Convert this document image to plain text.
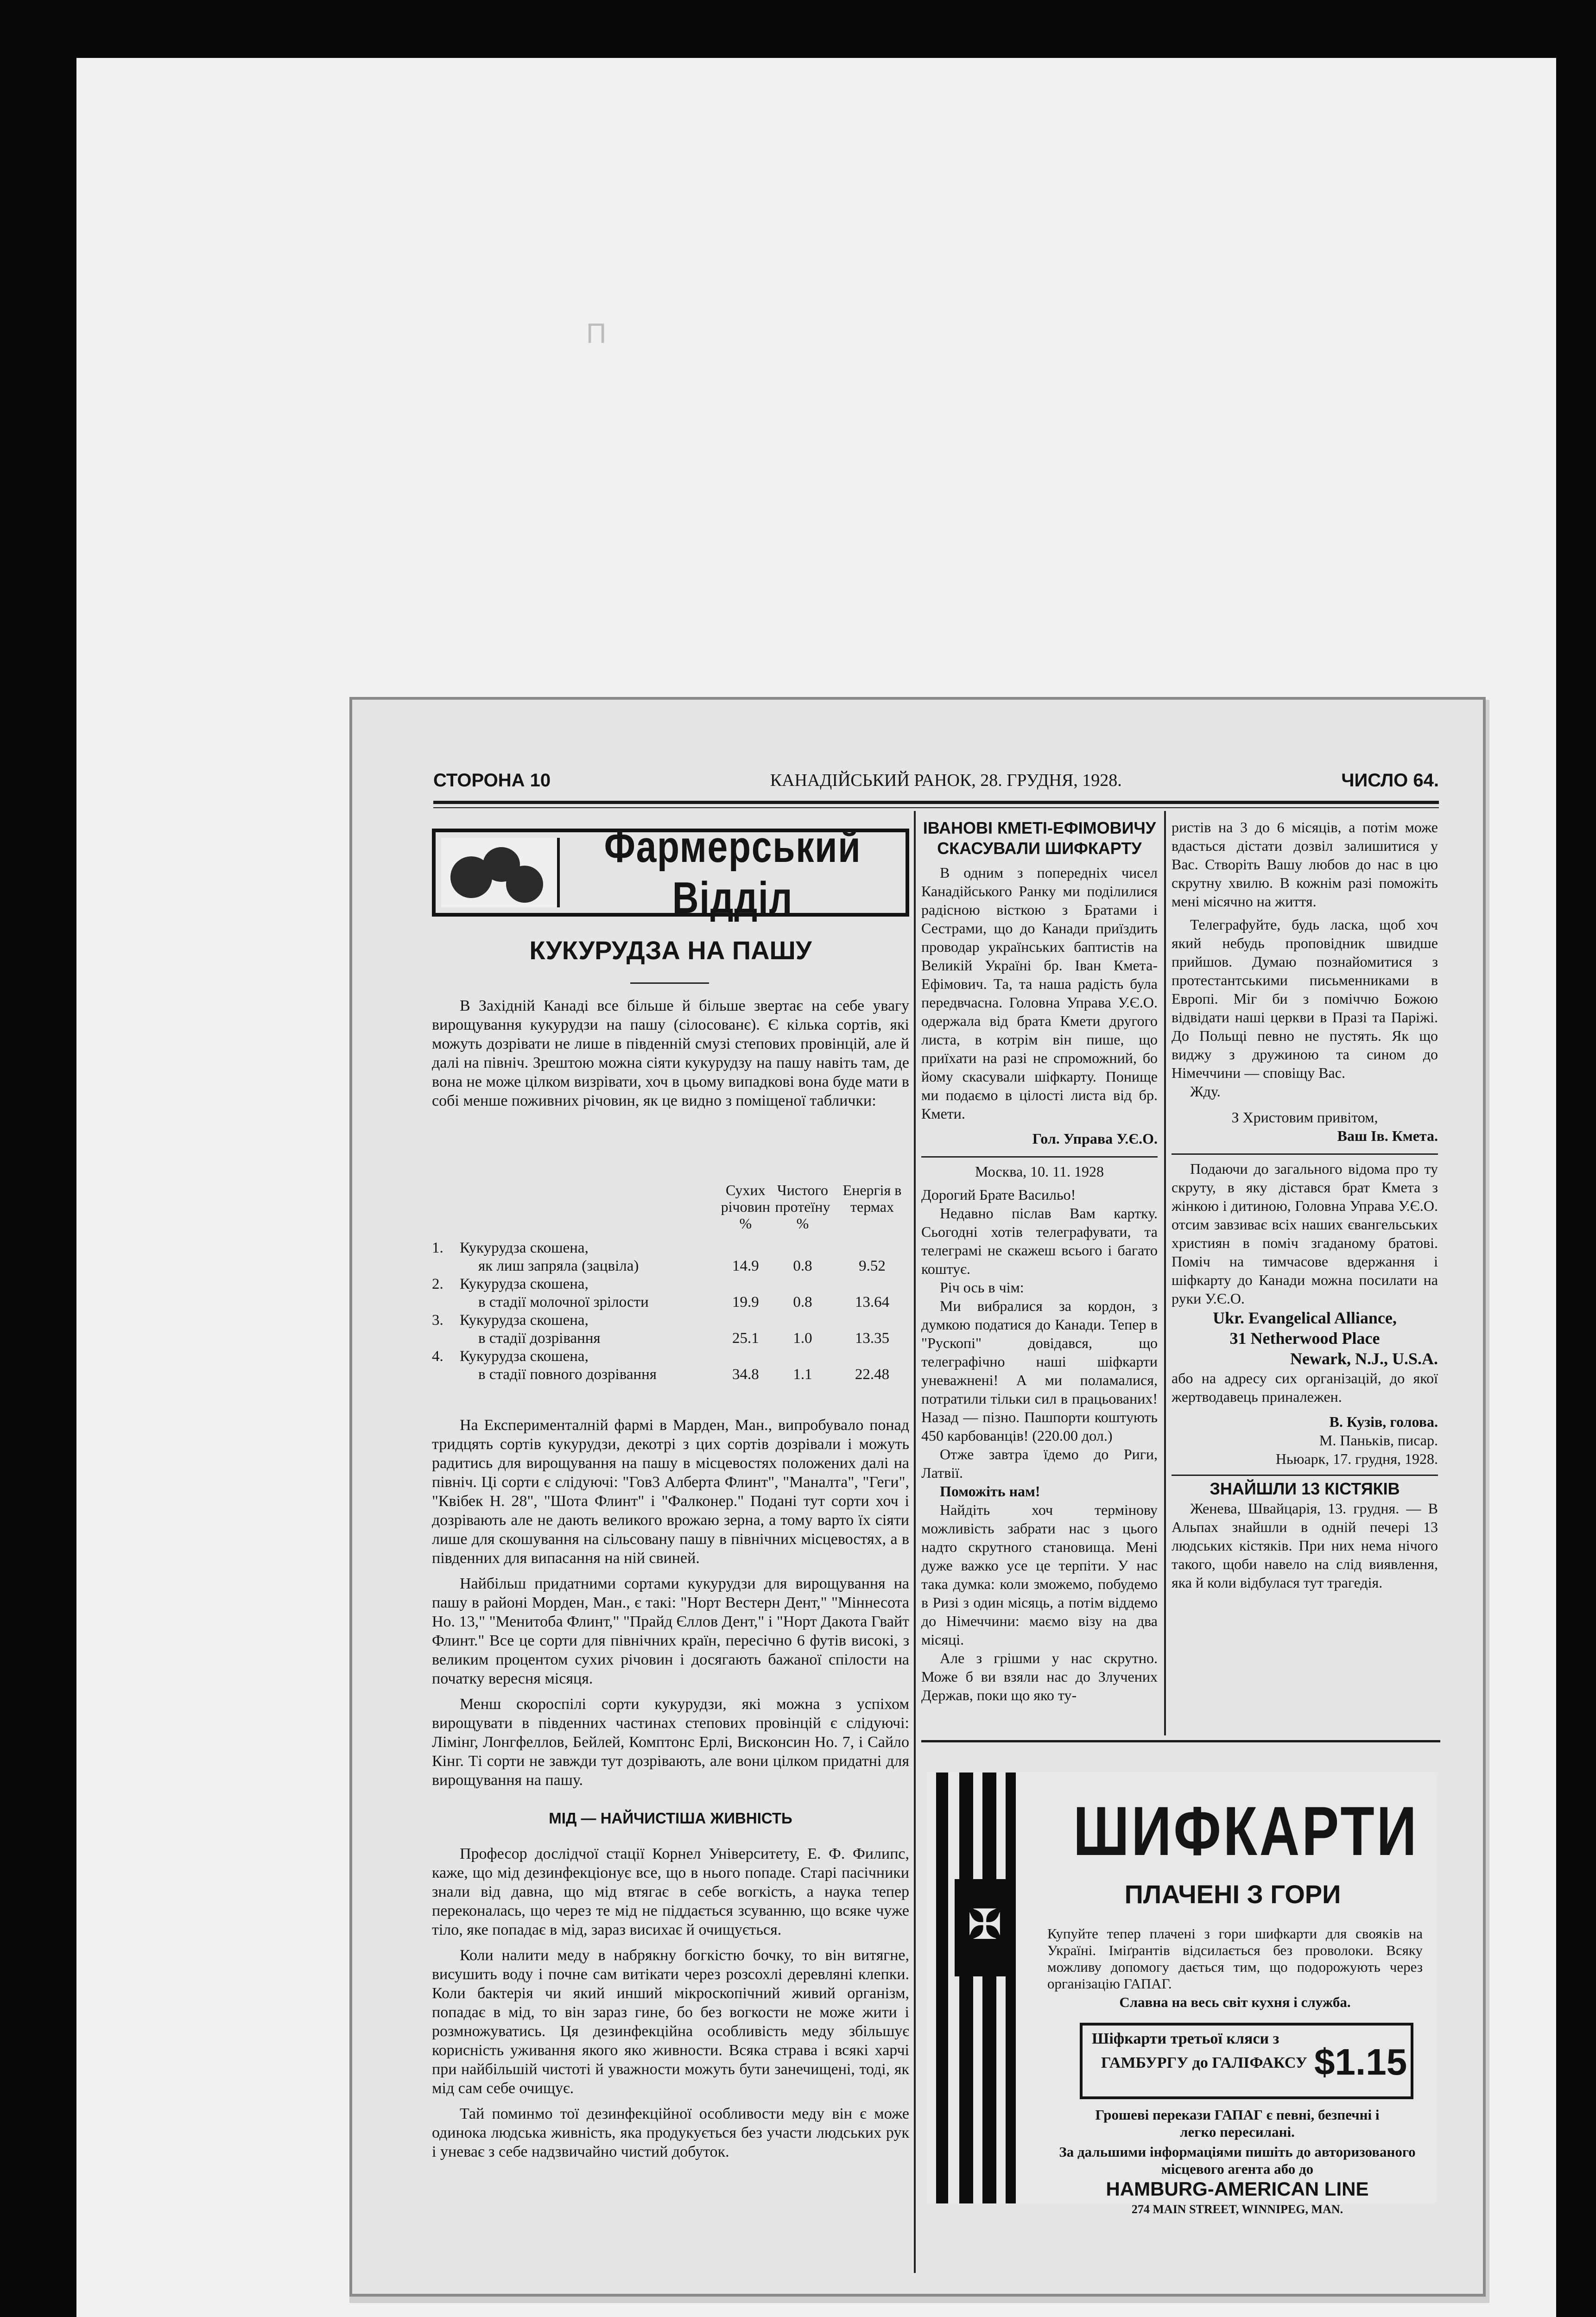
П
СТОРОНА 10	КАНАДІЙСЬКИЙ РАНОК, 28. ГРУДНЯ, 1928.	ЧИСЛО 64.
Фармерський Відділ
КУКУРУДЗА НА ПАШУ

В Західній Канаді все більше й більше звертає на себе увагу вирощування кукурудзи на пашу (сілосованє). Є кілька сортів, які можуть дозрівати не лише в південній смузі степових провінцій, але й далі на північ. Зрештою можна сіяти кукурудзу на пашу навіть там, де вона не може цілком визрівати, хоч в цьому випадкові вона буде мати в собі менше поживних річовин, як це видно з поміщеної таблички:

		Сухих річовин %	Чистого протеїну %	Енергія в термах

1.	Кукурудза скошена,			
	як лиш запряла (зацвіла)	14.9	0.8	9.52
2.	Кукурудза скошена,			
	в стадії молочної зрілости	19.9	0.8	13.64
3.	Кукурудза скошена,			
	в стадії дозрівання	25.1	1.0	13.35
4.	Кукурудза скошена,			
	в стадії повного дозрівання	34.8	1.1	22.48

На Експерименталній фармі в Марден, Ман., випробувало понад тридцять сортів кукурудзи, декотрі з цих сортів дозрівали і можуть радитись для вирощування на пашу в місцевостях положених далі на північ. Ці сорти є слідуючі: "Гов3 Алберта Флинт", "Маналта", "Геги", "Квібек Н. 28", "Шота Флинт" і "Фалконер." Подані тут сорти хоч і дозрівають але не дають великого врожаю зерна, а тому варто їх сіяти лише для скошування на сільсовану пашу в північних місцевостях, а в південних для випасання на ній свиней.

Найбільш придатними сортами кукурудзи для вирощування на пашу в районі Морден, Ман., є такі: "Норт Вестерн Дент," "Міннесота Но. 13," "Менитоба Флинт," "Прайд Єллов Дент," і "Норт Дакота Гвайт Флинт." Все це сорти для північних країн, пересічно 6 футів високі, з великим процентом сухих річовин і досягають бажаної спілости на початку вересня місяця.

Менш скороспілі сорти кукурудзи, які можна з успіхом вирощувати в південних частинах степових провінцій є слідуючі: Лімінг, Лонгфеллов, Бейлей, Комптонс Ерлі, Висконсин Но. 7, і Сайло Кінг. Ті сорти не завжди тут дозрівають, але вони цілком придатні для вирощування на пашу.

МІД — НАЙЧИСТІША ЖИВНІСТЬ

Професор дослідчої стації Корнел Університету, Е. Ф. Филипс, каже, що мід дезинфекціонує все, що в нього попаде. Старі пасічники знали від давна, що мід втягає в себе вогкість, а наука тепер переконалась, що через те мід не піддається зсуванню, що всяке чуже тіло, яке попадає в мід, зараз висихає й очищується.

Коли налити меду в набрякну богкістю бочку, то він витягне, висушить воду і почне сам витікати через розсохлі деревляні клепки. Коли бактерія чи який инший мікроскопічний живий організм, попадає в мід, то він зараз гине, бо без вогкости не може жити і розмножуватись. Ця дезинфекційна особливість меду збільшує корисність уживання якого яко живности. Всяка страва і всякі харчі при найбільшій чистоті й уважности можуть бути занечищені, тоді, як мід сам себе очищує.

Тай поминмо тої дезинфекційної особливости меду він є може одинока людська живність, яка продукується без участи людських рук і уневає з себе надзвичайно чистий добуток.

ІВАНОВІ КМЕТІ-ЕФІМОВИЧУ СКАСУВАЛИ ШИФКАРТУ

В одним з попередніх чисел Канадійського Ранку ми поділилися радісною вісткою з Братами і Сестрами, що до Канади приїздить проводар українських баптистів на Великій Україні бр. Іван Кмета-Ефімович. Та, та наша радість була передвчасна. Головна Управа У.Є.О. одержала від брата Кмети другого листа, в котрім він пише, що приїхати на разі не спроможний, бо йому скасували шіфкарту. Понище ми подаємо в цілості листа від бр. Кмети.

Гол. Управа У.Є.О.
Москва, 10. 11. 1928
Дорогий Брате Васильо!

Недавно післав Вам картку. Сьогодні хотів телеграфувати, та телеграмі не скажеш всього і багато коштує.

Річ ось в чім:

Ми вибралися за кордон, з думкою податися до Канади. Тепер в "Рускопі" довідався, що телеграфічно наші шіфкарти уневажнені! А ми поламалися, потратили тільки сил в працьованих! Назад — пізно. Пашпорти коштують 450 карбованців! (220.00 дол.)

Отже завтра їдемо до Риги, Латвії.

Поможіть нам!

Найдіть хоч термінову можливість забрати нас з цього надто скрутного становища. Мені дуже важко усе це терпіти. У нас така думка: коли зможемо, побудемо в Ризі з один місяць, а потім віддемо до Німеччини: маємо візу на два місяці.

Але з грішми у нас скрутно. Може б ви взяли нас до Злучених Держав, поки що яко ту-

ристів на 3 до 6 місяців, а потім може вдасться дістати дозвіл залишитися у Вас. Створіть Вашу любов до нас в цю скрутну хвилю. В кожнім разі поможіть мені місячно на життя.

Телеграфуйте, будь ласка, щоб хоч який небудь проповідник швидше прийшов. Думаю познайомитися з протестантськими письменниками в Европі. Міг би з поміччю Божою відвідати наші церкви в Празі та Паріжі. До Польщі певно не пустять. Як що виджу з дружиною та сином до Німеччини — сповіщу Вас.

Жду.
З Христовим привітом,
Ваш Ів. Кмета.

Подаючи до загального відома про ту скруту, в яку дістався брат Кмета з жінкою і дитиною, Головна Управа У.Є.О. отсим завзиває всіх наших євангельських християн в поміч згаданому братові. Поміч на тимчасове вдержання і шіфкарту до Канади можна посилати на руки У.Є.О.

Ukr. Evangelical Alliance,
31 Netherwood Place
Newark, N.J., U.S.A.

або на адресу сих організацій, до якої жертводавець приналежен.

В. Кузів, голова.
М. Паньків, писар.
Ньюарк, 17. грудня, 1928.
ЗНАЙШЛИ 13 КІСТЯКІВ

Женева, Швайцарія, 13. грудня. — В Альпах знайшли в одній печері 13 людських кістяків. При них нема нічого такого, щоби навело на слід виявлення, яка й коли відбулася тут трагедія.

✠
ШИФКАРТИ
ПЛАЧЕНІ З ГОРИ
Купуйте тепер плачені з гори шифкарти для свояків на Україні. Іміґрантів відсилається без проволоки. Всяку можливу допомогу дається тим, що подорожують через організацію ГАПАГ.
Славна на весь світ кухня і служба.
Шіфкарти третьої кляси з
ГАМБУРГУ до ГАЛІФАКСУ $1.15
Грошеві перекази ГАПАГ є певні, безпечні і
легко пересилані.
За дальшими інформаціями пишіть до авторизованого місцевого агента або до
HAMBURG-AMERICAN LINE
274 MAIN STREET, WINNIPEG, MAN.
